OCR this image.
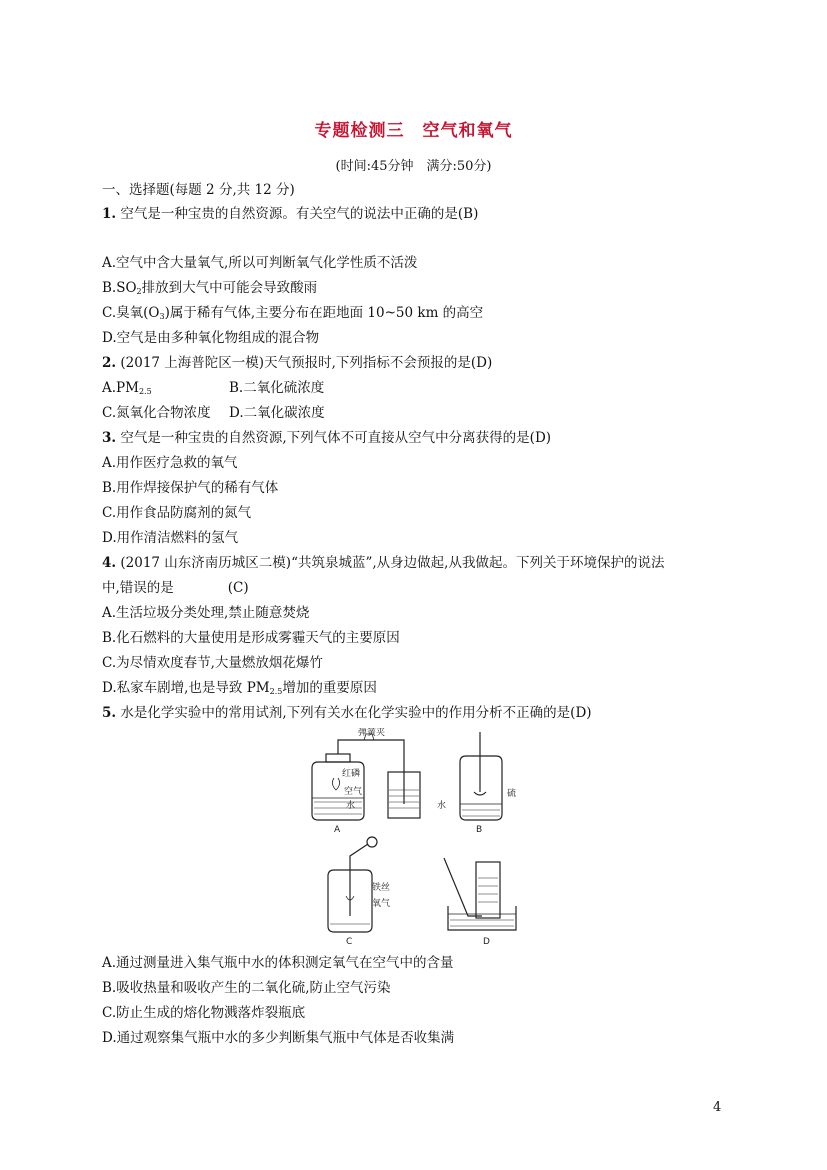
专题检测三　空气和氧气
(时间:45分钟　满分:50分)
一、选择题(每题 2 分,共 12 分)
1. 空气是一种宝贵的自然资源。有关空气的说法中正确的是(B)
A.空气中含大量氧气,所以可判断氧气化学性质不活泼
$B.SO_2$排放到大气中可能会导致酸雨
C.臭氧$(O_3)$属于稀有气体,主要分布在距地面 10~50 km 的高空
D.空气是由多种氧化物组成的混合物
2. (2017 上海普陀区一模)天气预报时,下列指标不会预报的是(D)
$A.PM_{2.5}$	B.二氧化硫浓度
C.氮氧化合物浓度 D.二氧化碳浓度
3. 空气是一种宝贵的自然资源,下列气体不可直接从空气中分离获得的是(D)
A.用作医疗急救的氧气
B.用作焊接保护气的稀有气体
C.用作食品防腐剂的氮气
D.用作清洁燃料的氢气
4. (2017 山东济南历城区二模)“共筑泉城蓝”,从身边做起,从我做起。下列关于环境保护的说法
中,错误的是　　　　(C)
A.生活垃圾分类处理,禁止随意焚烧
B.化石燃料的大量使用是形成雾霾天气的主要原因
C.为尽情欢度春节,大量燃放烟花爆竹
D.私家车剧增,也是导致 $PM_{2.5}$增加的重要原因
5. 水是化学实验中的常用试剂,下列有关水在化学实验中的作用分析不正确的是(D)
弹簧夹
红磷
空气
水
A
硫
水
B
铁丝
氧气
C	D
A.通过测量进入集气瓶中水的体积测定氧气在空气中的含量
B.吸收热量和吸收产生的二氧化硫,防止空气污染
C.防止生成的熔化物溅落炸裂瓶底
D.通过观察集气瓶中水的多少判断集气瓶中气体是否收集满
4
